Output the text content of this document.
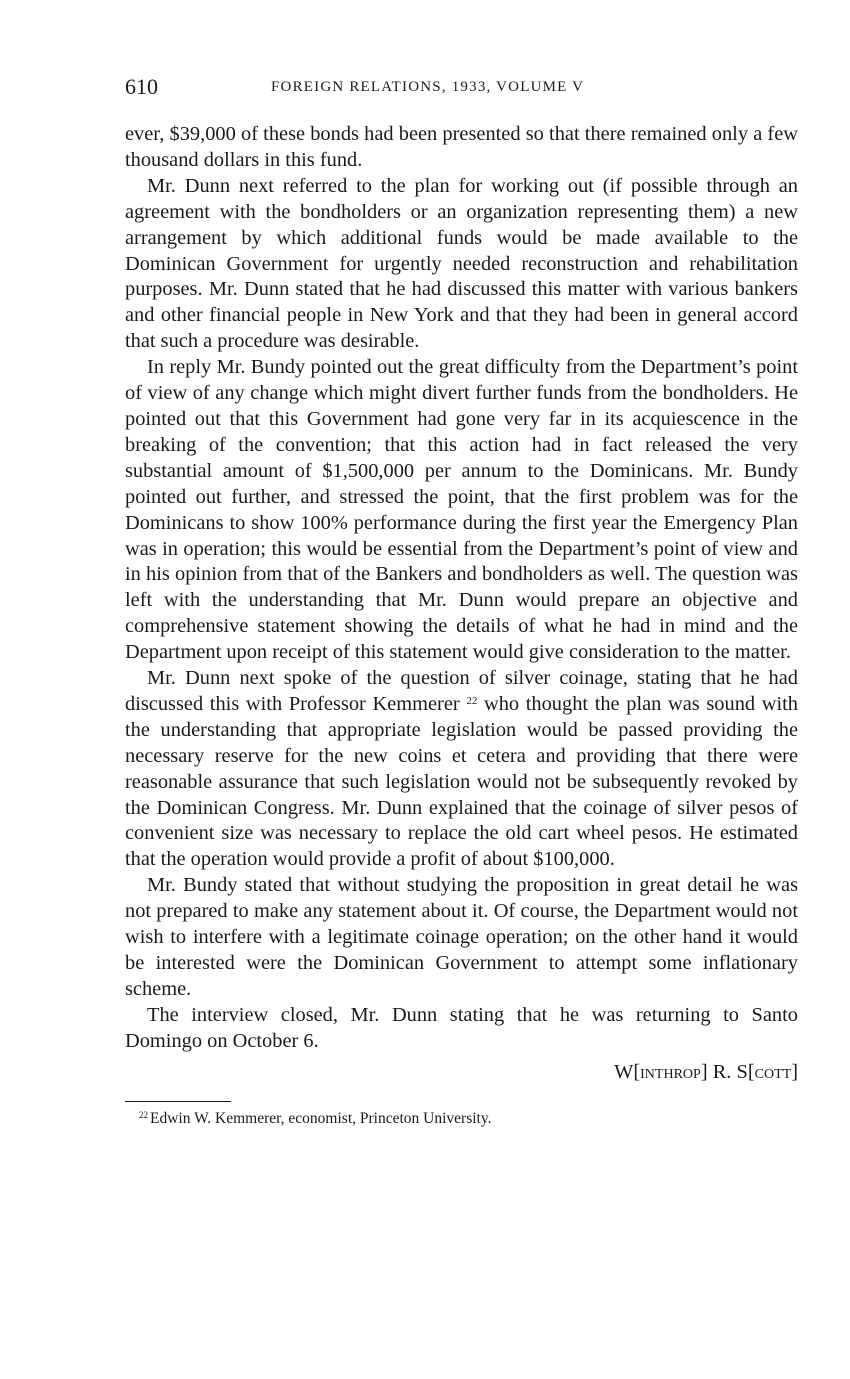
610	FOREIGN RELATIONS, 1933, VOLUME V

ever, $39,000 of these bonds had been presented so that there remained only a few thousand dollars in this fund.

Mr. Dunn next referred to the plan for working out (if possible through an agreement with the bondholders or an organization representing them) a new arrangement by which additional funds would be made available to the Dominican Government for urgently needed reconstruction and rehabilitation purposes. Mr. Dunn stated that he had discussed this matter with various bankers and other financial people in New York and that they had been in general accord that such a procedure was desirable.

In reply Mr. Bundy pointed out the great difficulty from the Department’s point of view of any change which might divert further funds from the bondholders. He pointed out that this Government had gone very far in its acquiescence in the breaking of the convention; that this action had in fact released the very substantial amount of $1,500,000 per annum to the Dominicans. Mr. Bundy pointed out further, and stressed the point, that the first problem was for the Dominicans to show 100% performance during the first year the Emergency Plan was in operation; this would be essential from the Department’s point of view and in his opinion from that of the Bankers and bondholders as well. The question was left with the understanding that Mr. Dunn would prepare an objective and comprehensive statement showing the details of what he had in mind and the Department upon receipt of this statement would give consideration to the matter.

Mr. Dunn next spoke of the question of silver coinage, stating that he had discussed this with Professor Kemmerer $^{22}$ who thought the plan was sound with the understanding that appropriate legislation would be passed providing the necessary reserve for the new coins et cetera and providing that there were reasonable assurance that such legislation would not be subsequently revoked by the Dominican Congress. Mr. Dunn explained that the coinage of silver pesos of convenient size was necessary to replace the old cart wheel pesos. He estimated that the operation would provide a profit of about $100,000.

Mr. Bundy stated that without studying the proposition in great detail he was not prepared to make any statement about it. Of course, the Department would not wish to interfere with a legitimate coinage operation; on the other hand it would be interested were the Dominican Government to attempt some inflationary scheme.

The interview closed, Mr. Dunn stating that he was returning to Santo Domingo on October 6.

W[inthrop] R. S[cott]
$^{22}$ Edwin W. Kemmerer, economist, Princeton University.
